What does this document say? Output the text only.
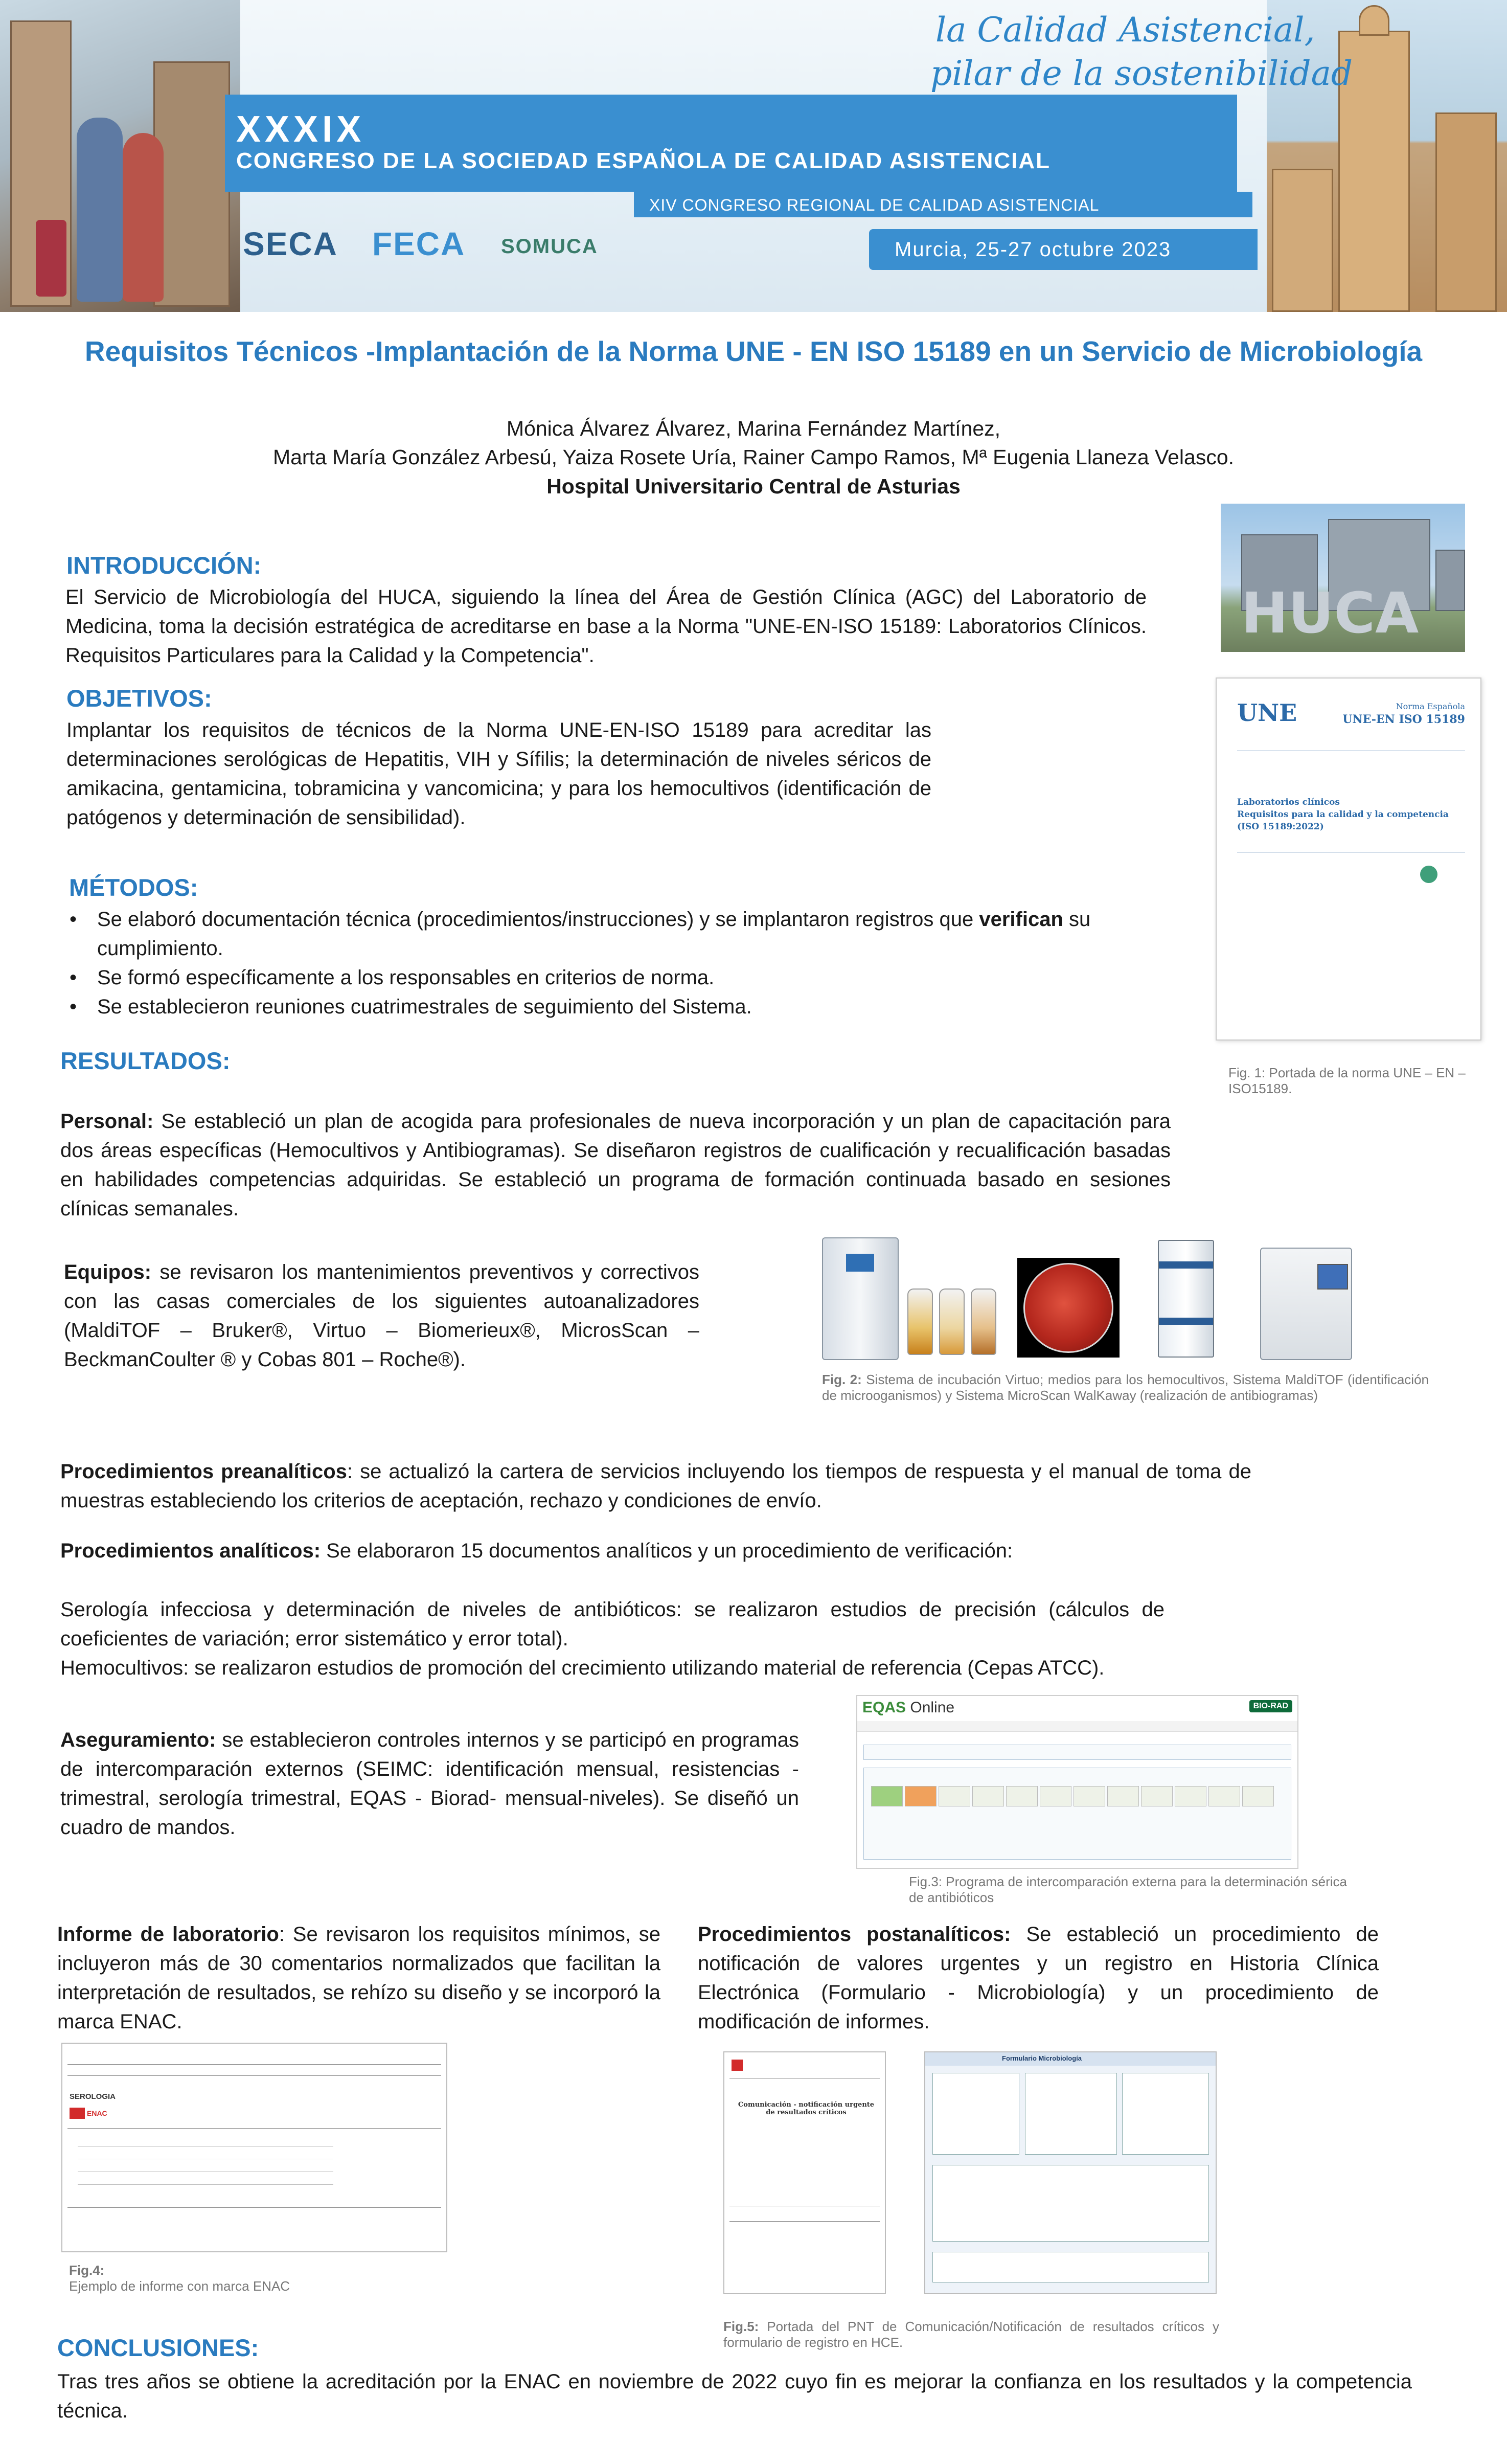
XXXIX
CONGRESO DE LA SOCIEDAD ESPAÑOLA DE CALIDAD ASISTENCIAL
XIV CONGRESO REGIONAL DE CALIDAD ASISTENCIAL
Murcia, 25-27 octubre 2023
la Calidad Asistencial,
pilar de la sostenibilidad
SECA FECA SOMUCA
Requisitos Técnicos -Implantación de la Norma UNE - EN ISO 15189 en un Servicio de Microbiología
Mónica Álvarez Álvarez, Marina Fernández Martínez,
Marta María González Arbesú, Yaiza Rosete Uría, Rainer Campo Ramos, Mª Eugenia Llaneza Velasco.
Hospital Universitario Central de Asturias
INTRODUCCIÓN:
El Servicio de Microbiología del HUCA, siguiendo la línea del Área de Gestión Clínica (AGC) del Laboratorio de Medicina, toma la decisión estratégica de acreditarse en base a la Norma "UNE-EN-ISO 15189: Laboratorios Clínicos. Requisitos Particulares para la Calidad y la Competencia".
HUCA
OBJETIVOS:
Implantar los requisitos de técnicos de la Norma UNE-EN-ISO 15189 para acreditar las determinaciones serológicas de Hepatitis, VIH y Sífilis; la determinación de niveles séricos de amikacina, gentamicina, tobramicina y vancomicina; y para los hemocultivos (identificación de patógenos y determinación de sensibilidad).
UNE	Norma Española
UNE-EN ISO 15189
Laboratorios clínicos
Requisitos para la calidad y la competencia
(ISO 15189:2022)
MÉTODOS:
• Se elaboró documentación técnica (procedimientos/instrucciones) y se implantaron registros que verifican su cumplimiento.
• Se formó específicamente a los responsables en criterios de norma.
• Se establecieron reuniones cuatrimestrales de seguimiento del Sistema.
RESULTADOS:	Fig. 1: Portada de la norma UNE – EN –ISO15189.
Personal: Se estableció un plan de acogida para profesionales de nueva incorporación y un plan de capacitación para dos áreas específicas (Hemocultivos y Antibiogramas). Se diseñaron registros de cualificación y recualificación basadas en habilidades competencias adquiridas. Se estableció un programa de formación continuada basado en sesiones clínicas semanales.
Equipos: se revisaron los mantenimientos preventivos y correctivos con las casas comerciales de los siguientes autoanalizadores (MaldiTOF – Bruker®, Virtuo – Biomerieux®, MicrosScan – BeckmanCoulter ® y Cobas 801 – Roche®).
Fig. 2: Sistema de incubación Virtuo; medios para los hemocultivos, Sistema MaldiTOF (identificación de microoganismos) y Sistema MicroScan WalKaway (realización de antibiogramas)
Procedimientos preanalíticos: se actualizó la cartera de servicios incluyendo los tiempos de respuesta y el manual de toma de muestras estableciendo los criterios de aceptación, rechazo y condiciones de envío.
Procedimientos analíticos: Se elaboraron 15 documentos analíticos y un procedimiento de verificación:
Serología infecciosa y determinación de niveles de antibióticos: se realizaron estudios de precisión (cálculos de coeficientes de variación; error sistemático y error total).
Hemocultivos: se realizaron estudios de promoción del crecimiento utilizando material de referencia (Cepas ATCC).
EQAS Online	BIO-RAD
Aseguramiento: se establecieron controles internos y se participó en programas de intercomparación externos (SEIMC: identificación mensual, resistencias -trimestral, serología trimestral, EQAS - Biorad- mensual-niveles). Se diseñó un cuadro de mandos.
Fig.3: Programa de intercomparación externa para la determinación sérica de antibióticos
Informe de laboratorio: Se revisaron los requisitos mínimos, se incluyeron más de 30 comentarios normalizados que facilitan la interpretación de resultados, se rehízo su diseño y se incorporó la marca ENAC.
Procedimientos postanalíticos: Se estableció un procedimiento de notificación de valores urgentes y un registro en Historia Clínica Electrónica (Formulario - Microbiología) y un procedimiento de modificación de informes.
SEROLOGIA
ENAC
Fig.4:
Ejemplo de informe con marca ENAC
Comunicación - notificación urgente de resultados críticos
Formulario Microbiología
Fig.5: Portada del PNT de Comunicación/Notificación de resultados críticos y formulario de registro en HCE.
CONCLUSIONES:
Tras tres años se obtiene la acreditación por la ENAC en noviembre de 2022 cuyo fin es mejorar la confianza en los resultados y la competencia técnica.
